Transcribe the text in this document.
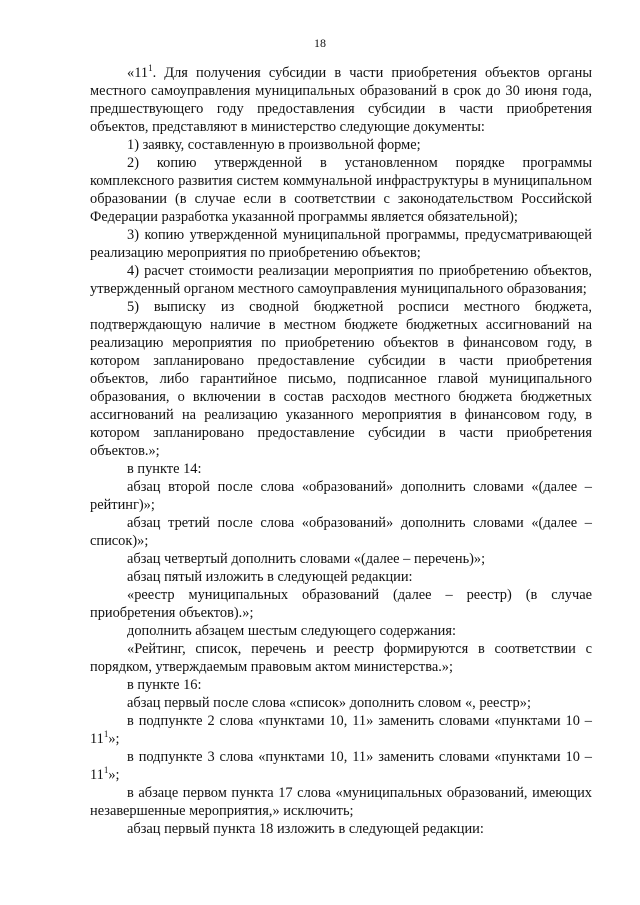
18

«$11^1$. Для получения субсидии в части приобретения объектов органы местного самоуправления муниципальных образований в срок до 30 июня года, предшествующего году предоставления субсидии в части приобретения объектов, представляют в министерство следующие документы:

1) заявку, составленную в произвольной форме;

2) копию утвержденной в установленном порядке программы комплексного развития систем коммунальной инфраструктуры в муниципальном образовании (в случае если в соответствии с законодательством Российской Федерации разработка указанной программы является обязательной);

3) копию утвержденной муниципальной программы, предусматривающей реализацию мероприятия по приобретению объектов;

4) расчет стоимости реализации мероприятия по приобретению объектов, утвержденный органом местного самоуправления муниципального образования;

5) выписку из сводной бюджетной росписи местного бюджета, подтверждающую наличие в местном бюджете бюджетных ассигнований на реализацию мероприятия по приобретению объектов в финансовом году, в котором запланировано предоставление субсидии в части приобретения объектов, либо гарантийное письмо, подписанное главой муниципального образования, о включении в состав расходов местного бюджета бюджетных ассигнований на реализацию указанного мероприятия в финансовом году, в котором запланировано предоставление субсидии в части приобретения объектов.»;

в пункте 14:

абзац второй после слова «образований» дополнить словами «(далее – рейтинг)»;

абзац третий после слова «образований» дополнить словами «(далее – список)»;

абзац четвертый дополнить словами «(далее – перечень)»;

абзац пятый изложить в следующей редакции:

«реестр муниципальных образований (далее – реестр) (в случае приобретения объектов).»;

дополнить абзацем шестым следующего содержания:

«Рейтинг, список, перечень и реестр формируются в соответствии с порядком, утверждаемым правовым актом министерства.»;

в пункте 16:

абзац первый после слова «список» дополнить словом «, реестр»;

в подпункте 2 слова «пунктами 10, 11» заменить словами «пунктами $10 - 11^1$»;

в подпункте 3 слова «пунктами 10, 11» заменить словами «пунктами $10 - 11^1$»;

в абзаце первом пункта 17 слова «муниципальных образований, имеющих незавершенные мероприятия,» исключить;

абзац первый пункта 18 изложить в следующей редакции:
